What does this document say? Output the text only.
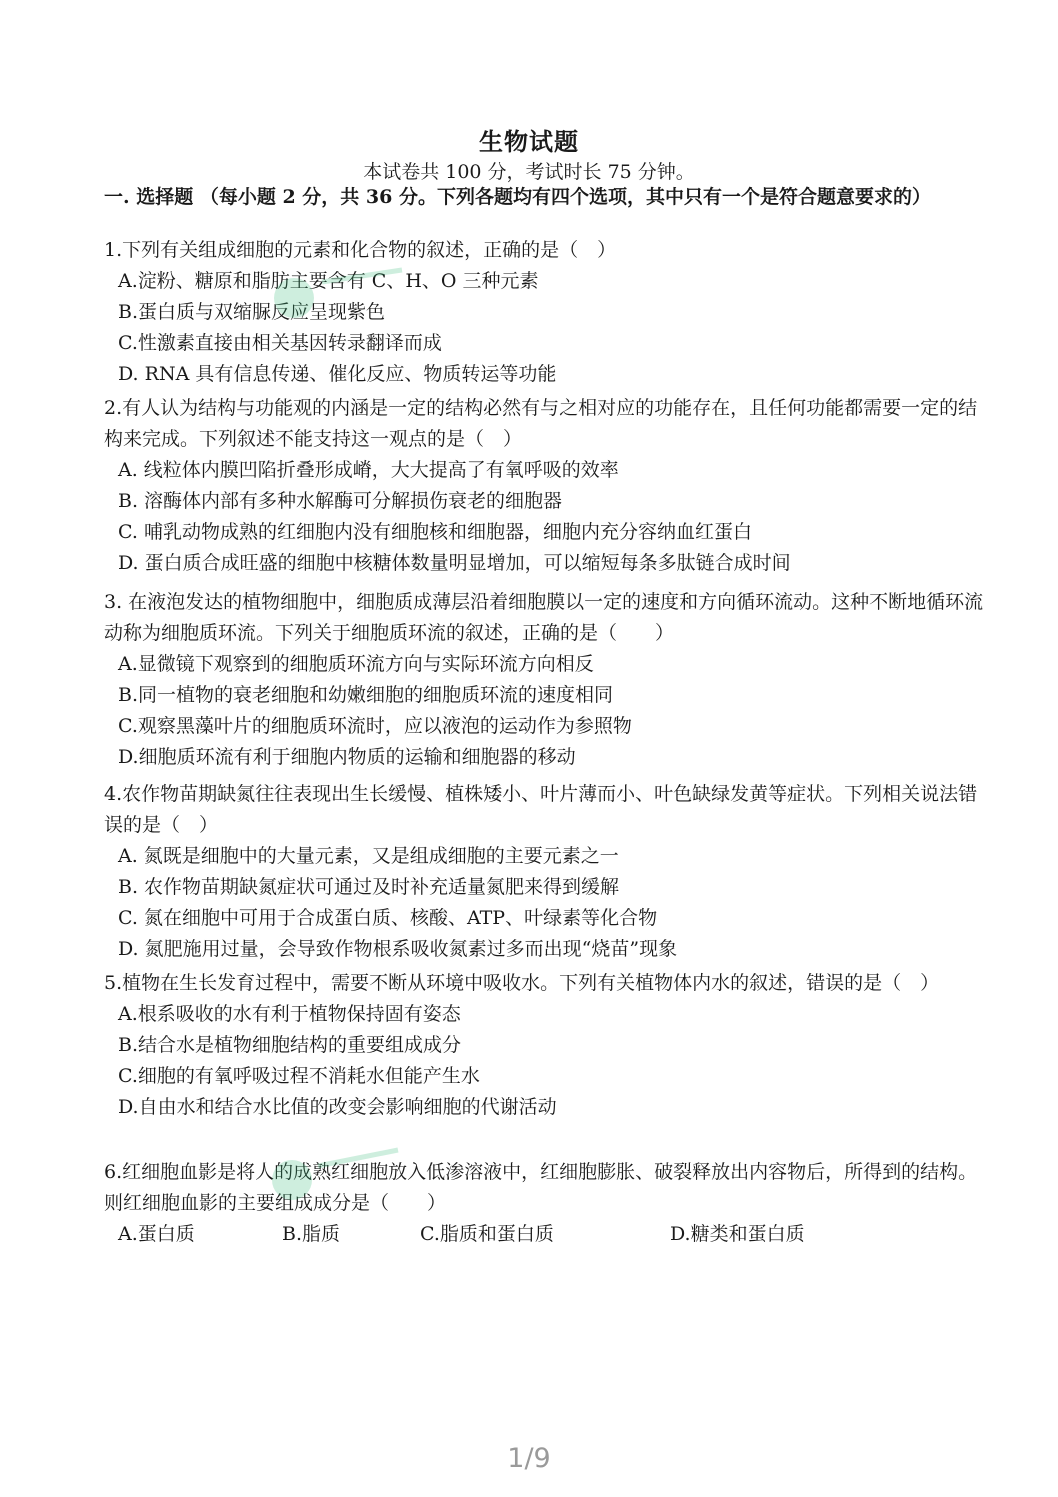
生物试题
本试卷共 100 分，考试时长 75 分钟。
一. 选择题 （每小题 2 分，共 36 分。下列各题均有四个选项，其中只有一个是符合题意要求的）

1.下列有关组成细胞的元素和化合物的叙述，正确的是（　）

A.淀粉、糖原和脂肪主要含有 C、H、O 三种元素

B.蛋白质与双缩脲反应呈现紫色

C.性激素直接由相关基因转录翻译而成

D. RNA 具有信息传递、催化反应、物质转运等功能

2.有人认为结构与功能观的内涵是一定的结构必然有与之相对应的功能存在，且任何功能都需要一定的结构来完成。下列叙述不能支持这一观点的是（　）

A. 线粒体内膜凹陷折叠形成嵴，大大提高了有氧呼吸的效率

B. 溶酶体内部有多种水解酶可分解损伤衰老的细胞器

C. 哺乳动物成熟的红细胞内没有细胞核和细胞器，细胞内充分容纳血红蛋白

D. 蛋白质合成旺盛的细胞中核糖体数量明显增加，可以缩短每条多肽链合成时间

3. 在液泡发达的植物细胞中，细胞质成薄层沿着细胞膜以一定的速度和方向循环流动。这种不断地循环流动称为细胞质环流。下列关于细胞质环流的叙述，正确的是（　　）

A.显微镜下观察到的细胞质环流方向与实际环流方向相反

B.同一植物的衰老细胞和幼嫩细胞的细胞质环流的速度相同

C.观察黑藻叶片的细胞质环流时，应以液泡的运动作为参照物

D.细胞质环流有利于细胞内物质的运输和细胞器的移动

4.农作物苗期缺氮往往表现出生长缓慢、植株矮小、叶片薄而小、叶色缺绿发黄等症状。下列相关说法错误的是（　）

A. 氮既是细胞中的大量元素，又是组成细胞的主要元素之一

B. 农作物苗期缺氮症状可通过及时补充适量氮肥来得到缓解

C. 氮在细胞中可用于合成蛋白质、核酸、ATP、叶绿素等化合物

D. 氮肥施用过量，会导致作物根系吸收氮素过多而出现“烧苗”现象

5.植物在生长发育过程中，需要不断从环境中吸收水。下列有关植物体内水的叙述，错误的是（　）

A.根系吸收的水有利于植物保持固有姿态

B.结合水是植物细胞结构的重要组成成分

C.细胞的有氧呼吸过程不消耗水但能产生水

D.自由水和结合水比值的改变会影响细胞的代谢活动

6.红细胞血影是将人的成熟红细胞放入低渗溶液中，红细胞膨胀、破裂释放出内容物后，所得到的结构。则红细胞血影的主要组成成分是（　　）

A.蛋白质	B.脂质	C.脂质和蛋白质	D.糖类和蛋白质
1/9
